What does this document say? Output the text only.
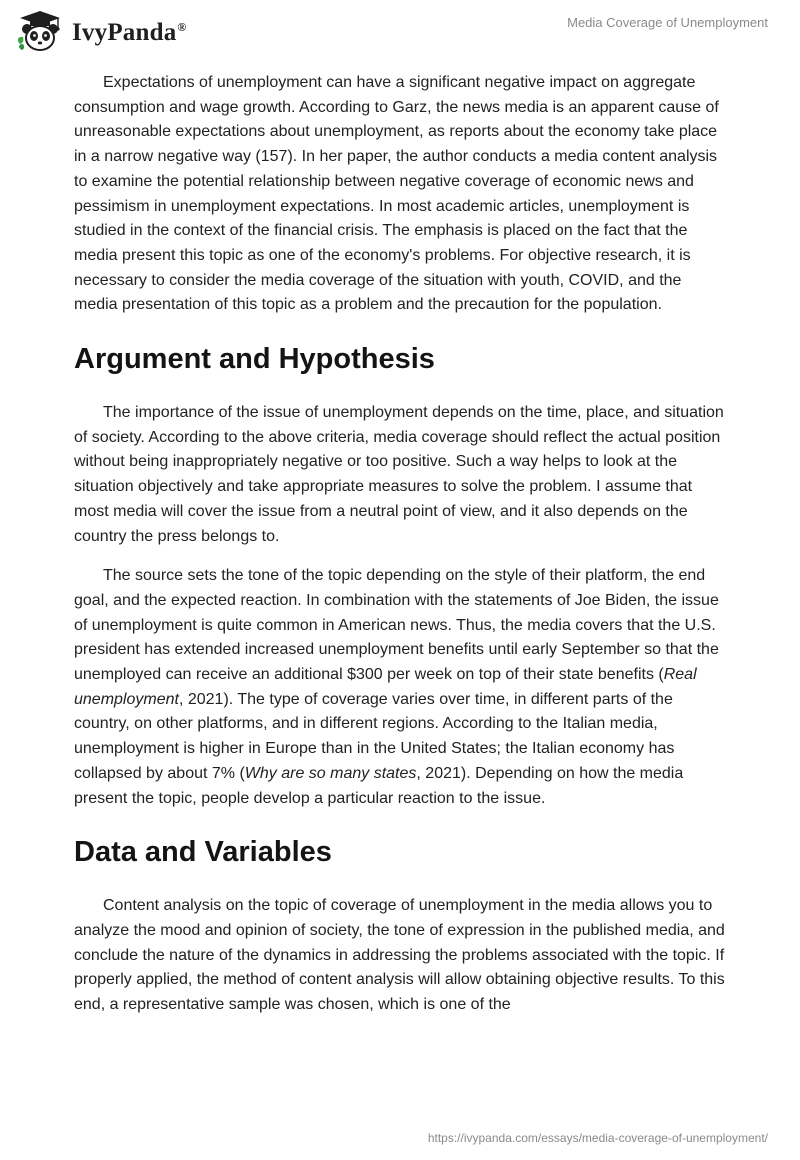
IvyPanda®	Media Coverage of Unemployment

Expectations of unemployment can have a significant negative impact on aggregate consumption and wage growth. According to Garz, the news media is an apparent cause of unreasonable expectations about unemployment, as reports about the economy take place in a narrow negative way (157). In her paper, the author conducts a media content analysis to examine the potential relationship between negative coverage of economic news and pessimism in unemployment expectations. In most academic articles, unemployment is studied in the context of the financial crisis. The emphasis is placed on the fact that the media present this topic as one of the economy's problems. For objective research, it is necessary to consider the media coverage of the situation with youth, COVID, and the media presentation of this topic as a problem and the precaution for the population.

Argument and Hypothesis

The importance of the issue of unemployment depends on the time, place, and situation of society. According to the above criteria, media coverage should reflect the actual position without being inappropriately negative or too positive. Such a way helps to look at the situation objectively and take appropriate measures to solve the problem. I assume that most media will cover the issue from a neutral point of view, and it also depends on the country the press belongs to.

The source sets the tone of the topic depending on the style of their platform, the end goal, and the expected reaction. In combination with the statements of Joe Biden, the issue of unemployment is quite common in American news. Thus, the media covers that the U.S. president has extended increased unemployment benefits until early September so that the unemployed can receive an additional $300 per week on top of their state benefits (Real unemployment, 2021). The type of coverage varies over time, in different parts of the country, on other platforms, and in different regions. According to the Italian media, unemployment is higher in Europe than in the United States; the Italian economy has collapsed by about 7% (Why are so many states, 2021). Depending on how the media present the topic, people develop a particular reaction to the issue.

Data and Variables

Content analysis on the topic of coverage of unemployment in the media allows you to analyze the mood and opinion of society, the tone of expression in the published media, and conclude the nature of the dynamics in addressing the problems associated with the topic. If properly applied, the method of content analysis will allow obtaining objective results. To this end, a representative sample was chosen, which is one of the

https://ivypanda.com/essays/media-coverage-of-unemployment/
